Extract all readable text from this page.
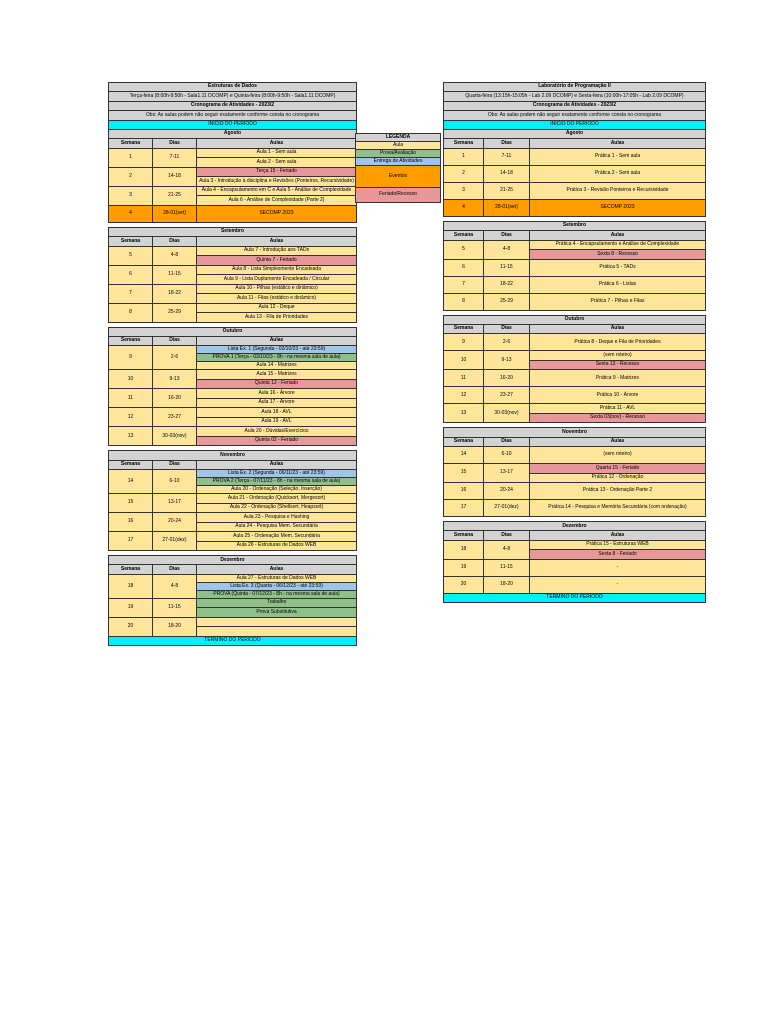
Estruturas de Dados		
Terça-feira (8:00h-9:50h - Sala1.11 DCOMP) e Quinta-feira (8:00h-9:50h - Sala1.11 DCOMP)		
Cronograma de Atividades - 2023/2		
Obs: As aulas podem não seguir exatamente conforme consta no cronograma		
INÍCIO DO PERÍODO		
Agosto		
Semana	Dias	Aulas
1	7-11	Aula 1 - Sem aula
		Aula 2 - Sem aula
2	14-18	Terça 15 - Feriado
		Aula 3 - Introdução à disciplina e Revisões (Ponteiros, Recursividade)
3	21-25	Aula 4 - Encapsulamento em C e Aula 5 - Análise de Complexidade
		Aula 6 - Análise de Complexidade (Parte 2)
4	28-01(set)	SECOMP 2023

Setembro		
Semana	Dias	Aulas
5	4-8	Aula 7 - Introdução aos TADs
		Quinta 7 - Feriado
6	11-15	Aula 8 - Lista Simplesmente Encadeada
		Aula 9 - Lista Duplamente Encadeada / Circular
7	18-22	Aula 10 - Pilhas (estático e dinâmico)
		Aula 11 - Filas (estático e dinâmico)
8	25-29	Aula 12 - Deque
		Aula 13 - Fila de Prioridades

Outubro		
Semana	Dias	Aulas
9	2-6	Lista Ex. 1 (Segunda - 02/10/23 - até 23:59)
		PROVA 1 (Terça - 03/10/23 - 8h - na mesma sala de aula)
		Aula 14 - Matrizes
10	9-13	Aula 15 - Matrizes
		Quinta 12 - Feriado
11	16-20	Aula 16 - Árvore
		Aula 17 - Árvore
12	23-27	Aula 18 - AVL
		Aula 19 - AVL
13	30-03(nov)	Aula 20 - Dúvidas/Exercícios
		Quinta 02 - Feriado

Novembro		
Semana	Dias	Aulas
14	6-10	Lista Ex. 2 (Segunda - 06/11/23 - até 23:59)
		PROVA 2 (Terça - 07/11/23 - 8h - na mesma sala de aula)
		Aula 20 - Ordenação (Seleção, Inserção)
15	13-17	Aula 21 - Ordenação (Quicksort, Mergesort)
		Aula 22 - Ordenação (Shellsort, Heapsort)
16	20-24	Aula 23 - Pesquisa e Hashing
		Aula 24 - Pesquisa Mem. Secundária
17	27-01(dez)	Aula 25 - Ordenação Mem. Secundária
		Aula 26 - Estruturas de Dados WEB

Dezembro		
Semana	Dias	Aulas
18	4-8	Aula 27 - Estruturas de Dados WEB
		Lista Ex. 3 (Quarta - 06/12/23 - até 23:59)
		PROVA (Quinta - 07/12/23 - 8h - na mesma sala de aula)
19	11-15	Trabalho
		Prova Substitutiva
20	18-20	

TÉRMINO DO PERÍODO		
LEGENDA
Aula
Prova/Avaliação
Entrega de Atividades
Eventos
Feriado/Recesso
Laboratório de Programação II		
Quarta-feira (13:15h-15:05h - Lab 2.09 DCOMP) e Sexta-feira (10:00h-17:05h - Lab 2.09 DCOMP)		
Cronograma de Atividades - 2023/2		
Obs: As aulas podem não seguir exatamente conforme consta no cronograma		
INÍCIO DO PERÍODO		
Agosto		
Semana	Dias	Aulas
1	7-11	Prática 1 - Sem aula
2	14-18	Prática 2 - Sem aula
3	21-25	Prática 3 - Revisão Ponteiros e Recursividade
4	28-01(set)	SECOMP 2023

Setembro		
Semana	Dias	Aulas
5	4-8	Prática 4 - Encapsulamento e Análise de Complexidade
		Sexta 8 - Recesso
6	11-15	Prática 5 - TADs
7	18-22	Prática 6 - Listas
8	25-29	Prática 7 - Pilhas e Filas

Outubro		
Semana	Dias	Aulas
9	2-6	Prática 8 - Deque e Fila de Prioridades
10	9-13	(sem roteiro)
		Sexta 13 - Recesso
11	16-20	Prática 9 - Matrizes
12	23-27	Prática 10 - Árvore
13	30-03(nov)	Prática 11 - AVL
		Sexta 03(nov) - Recesso

Novembro		
Semana	Dias	Aulas
14	6-10	(sem roteiro)
15	13-17	Quarta 15 - Feriado
		Prática 12 - Ordenação
16	20-24	Prática 13 - Ordenação Parte 2
17	27-01(dez)	Prática 14 - Pesquisa e Memória Secundária (com ordenação)

Dezembro		
Semana	Dias	Aulas
18	4-8	Prática 15 - Estruturas WEB
		Sexta 8 - Feriado
19	11-15	-
20	18-20	-
TÉRMINO DO PERÍODO		
